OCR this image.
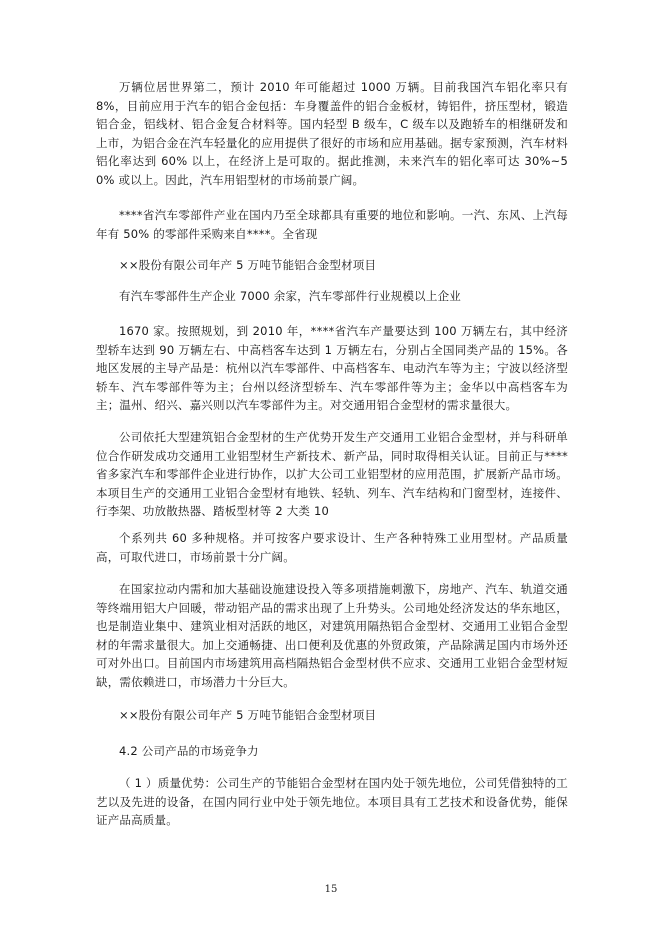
万辆位居世界第二，预计 2010 年可能超过 1000 万辆。目前我国汽车铝化率只有 8%，目前应用于汽车的铝合金包括：车身覆盖件的铝合金板材，铸铝件，挤压型材，锻造铝合金，铝线材、铝合金复合材料等。国内轻型 B 级车，C 级车以及跑轿车的相继研发和上市，为铝合金在汽车轻量化的应用提供了很好的市场和应用基础。据专家预测，汽车材料铝化率达到 60% 以上，在经济上是可取的。据此推测，未来汽车的铝化率可达 30%~50% 或以上。因此，汽车用铝型材的市场前景广阔。

****省汽车零部件产业在国内乃至全球都具有重要的地位和影响。一汽、东风、上汽每年有 50% 的零部件采购来自****。全省现

××股份有限公司年产 5 万吨节能铝合金型材项目

有汽车零部件生产企业 7000 余家，汽车零部件行业规模以上企业

1670 家。按照规划，到 2010 年，****省汽车产量要达到 100 万辆左右，其中经济型轿车达到 90 万辆左右、中高档客车达到 1 万辆左右，分别占全国同类产品的 15%。各地区发展的主导产品是：杭州以汽车零部件、中高档客车、电动汽车等为主；宁波以经济型轿车、汽车零部件等为主；台州以经济型轿车、汽车零部件等为主；金华以中高档客车为主；温州、绍兴、嘉兴则以汽车零部件为主。对交通用铝合金型材的需求量很大。

公司依托大型建筑铝合金型材的生产优势开发生产交通用工业铝合金型材，并与科研单位合作研发成功交通用工业铝型材生产新技术、新产品，同时取得相关认证。目前正与****省多家汽车和零部件企业进行协作，以扩大公司工业铝型材的应用范围，扩展新产品市场。本项目生产的交通用工业铝合金型材有地铁、轻轨、列车、汽车结构和门窗型材，连接件、行李架、功放散热器、踏板型材等 2 大类 10

个系列共 60 多种规格。并可按客户要求设计、生产各种特殊工业用型材。产品质量高，可取代进口，市场前景十分广阔。

在国家拉动内需和加大基础设施建设投入等多项措施刺激下，房地产、汽车、轨道交通等终端用铝大户回暖，带动铝产品的需求出现了上升势头。公司地处经济发达的华东地区，也是制造业集中、建筑业相对活跃的地区，对建筑用隔热铝合金型材、交通用工业铝合金型材的年需求量很大。加上交通畅捷、出口便利及优惠的外贸政策，产品除满足国内市场外还可对外出口。目前国内市场建筑用高档隔热铝合金型材供不应求、交通用工业铝合金型材短缺，需依赖进口，市场潜力十分巨大。

××股份有限公司年产 5 万吨节能铝合金型材项目

4.2 公司产品的市场竞争力

（ 1 ）质量优势：公司生产的节能铝合金型材在国内处于领先地位，公司凭借独特的工艺以及先进的设备，在国内同行业中处于领先地位。本项目具有工艺技术和设备优势，能保证产品高质量。

15
